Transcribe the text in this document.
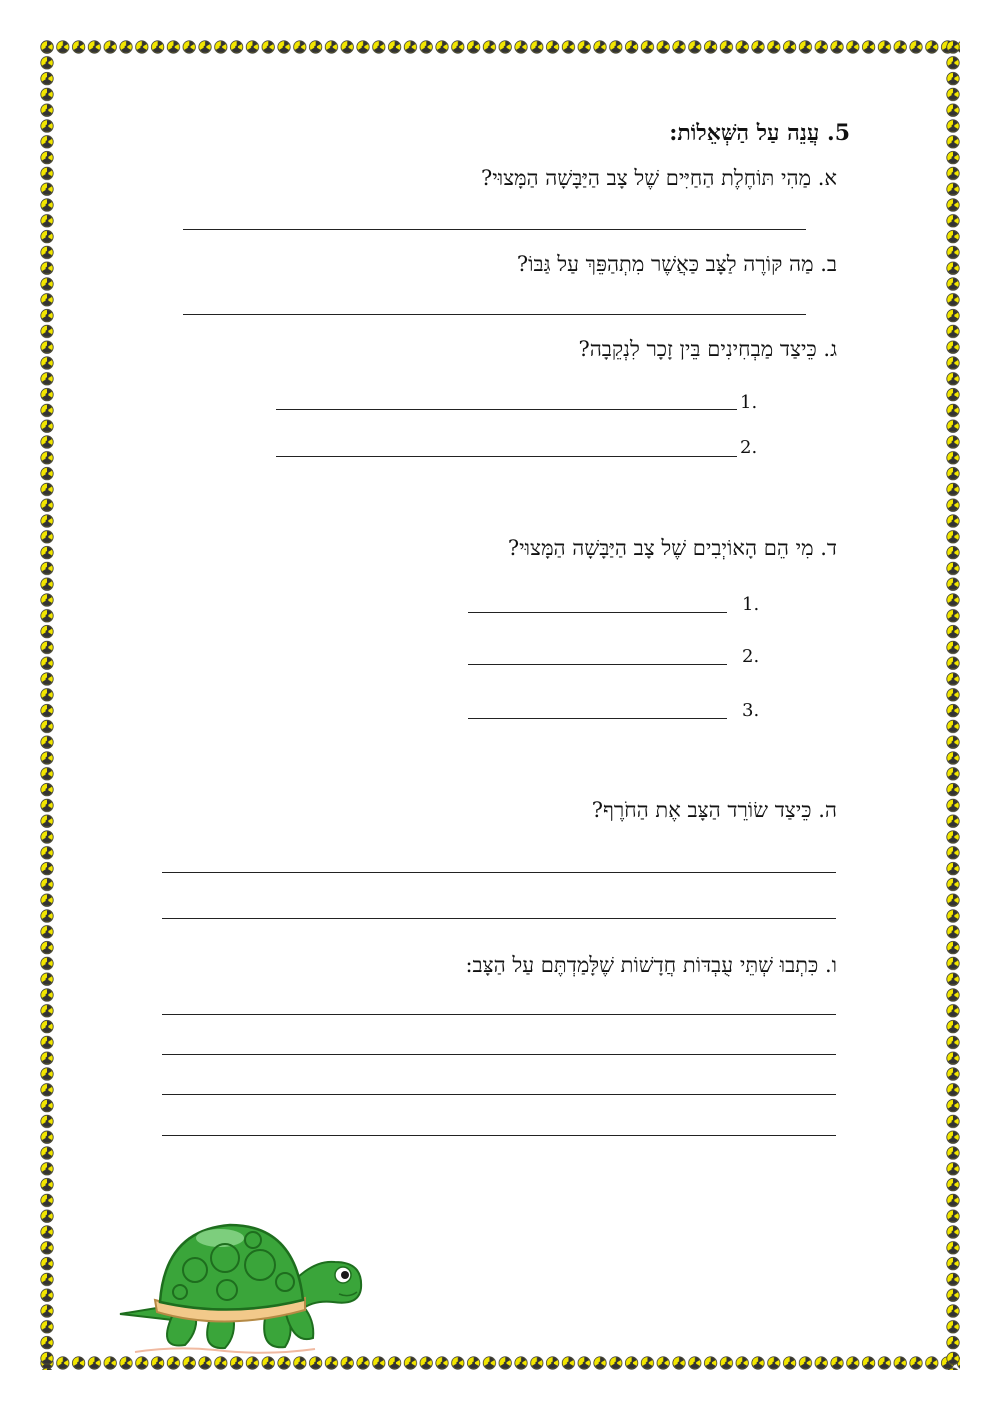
5. עֲנֵה עַל הַשְּׁאֵלוֹת:
א. מַהִי תּוֹחֶלֶת הַחַיִּים שֶׁל צָב הַיַּבָּשָׁה הַמָּצוּי?
ב. מַה קּוֹרֶה לַצָּב כַּאֲשֶׁר מִתְהַפֵּךְ עַל גַּבּוֹ?
ג. כֵּיצַד מַבְחִינִים בֵּין זָכָר לִנְקֵבָה?
1.
2.
ד. מִי הֵם הָאוֹיְבִים שֶׁל צָב הַיַּבָּשָׁה הַמָּצוּי?
1.
2.
3.
ה. כֵּיצַד שׂוֹרֵד הַצָּב אֶת הַחֹרֶף?
ו. כִּתְבוּ שְׁתֵּי עֻבְדּוֹת חֲדָשׁוֹת שֶׁלָּמַדְתֶּם עַל הַצָּב:
